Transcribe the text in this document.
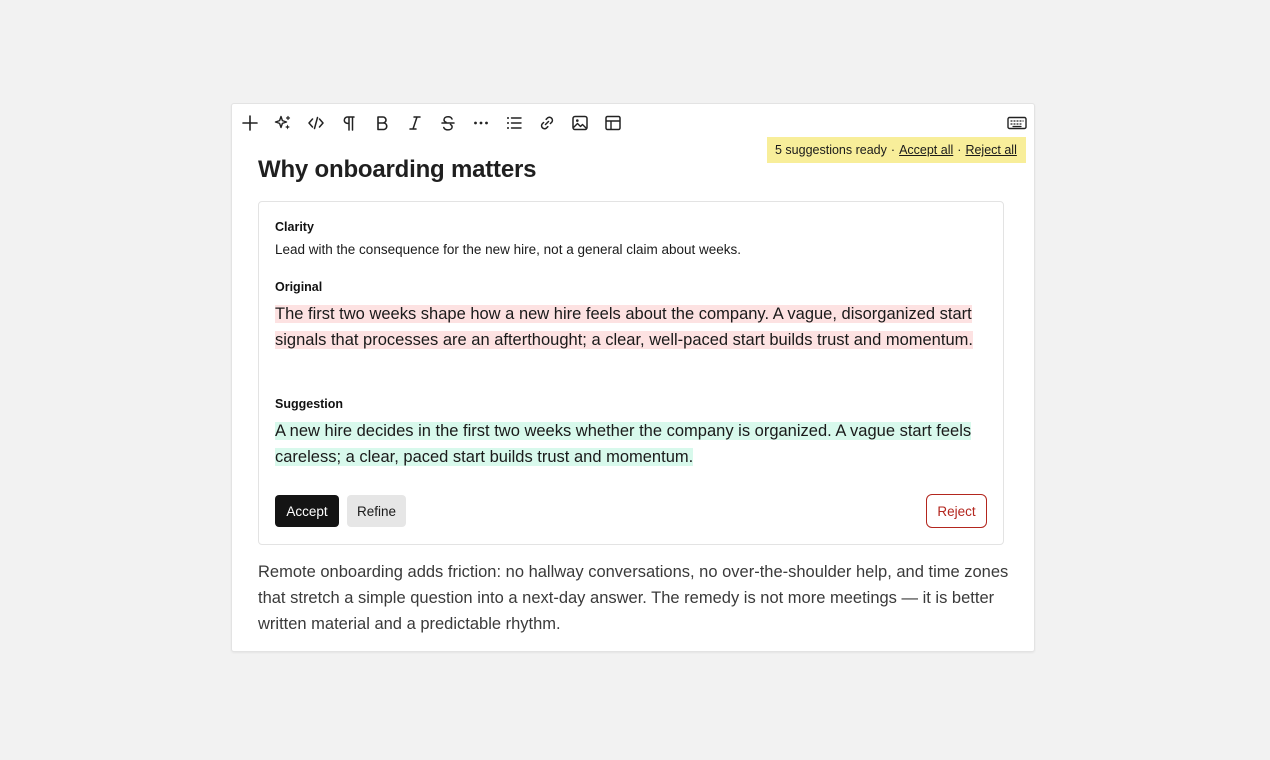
5 suggestions ready · Accept all · Reject all
Why onboarding matters
Clarity
Lead with the consequence for the new hire, not a general claim about weeks.
Original
The first two weeks shape how a new hire feels about the company. A vague, disorganized start signals that processes are an afterthought; a clear, well-paced start builds trust and momentum.
Suggestion
A new hire decides in the first two weeks whether the company is organized. A vague start feels careless; a clear, paced start builds trust and momentum.
Accept	Refine	Reject
Remote onboarding adds friction: no hallway conversations, no over-the-shoulder help, and time zones that stretch a simple question into a next-day answer. The remedy is not more meetings — it is better written material and a predictable rhythm.
